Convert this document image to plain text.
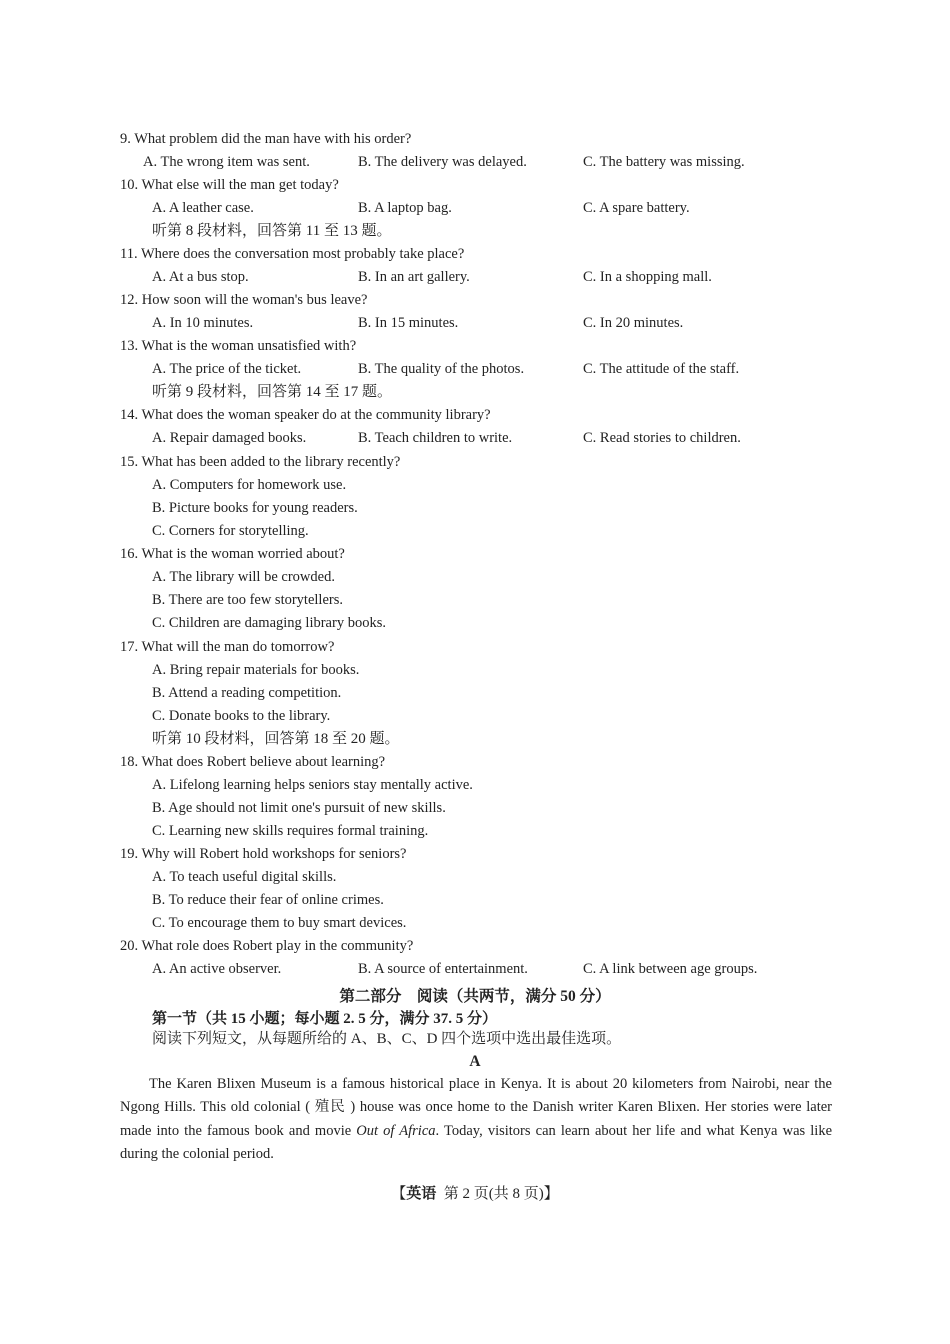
9. What problem did the man have with his order?
A. The wrong item was sent.	B. The delivery was delayed.	C. The battery was missing.
10. What else will the man get today?
A. A leather case.	B. A laptop bag.	C. A spare battery.
听第 8 段材料，回答第 11 至 13 题。
11. Where does the conversation most probably take place?
A. At a bus stop.	B. In an art gallery.	C. In a shopping mall.
12. How soon will the woman's bus leave?
A. In 10 minutes.	B. In 15 minutes.	C. In 20 minutes.
13. What is the woman unsatisfied with?
A. The price of the ticket.	B. The quality of the photos.	C. The attitude of the staff.
听第 9 段材料，回答第 14 至 17 题。
14. What does the woman speaker do at the community library?
A. Repair damaged books.	B. Teach children to write.	C. Read stories to children.
15. What has been added to the library recently?
A. Computers for homework use.
B. Picture books for young readers.
C. Corners for storytelling.
16. What is the woman worried about?
A. The library will be crowded.
B. There are too few storytellers.
C. Children are damaging library books.
17. What will the man do tomorrow?
A. Bring repair materials for books.
B. Attend a reading competition.
C. Donate books to the library.
听第 10 段材料，回答第 18 至 20 题。
18. What does Robert believe about learning?
A. Lifelong learning helps seniors stay mentally active.
B. Age should not limit one's pursuit of new skills.
C. Learning new skills requires formal training.
19. Why will Robert hold workshops for seniors?
A. To teach useful digital skills.
B. To reduce their fear of online crimes.
C. To encourage them to buy smart devices.
20. What role does Robert play in the community?
A. An active observer.	B. A source of entertainment.	C. A link between age groups.
第二部分　阅读（共两节，满分 50 分）
第一节（共 15 小题；每小题 2. 5 分，满分 37. 5 分）
阅读下列短文，从每题所给的 A、B、C、D 四个选项中选出最佳选项。
A
The Karen Blixen Museum is a famous historical place in Kenya. It is about 20 kilometers from Nairobi, near the Ngong Hills. This old colonial ( 殖民 ) house was once home to the Danish writer Karen Blixen. Her stories were later made into the famous book and movie Out of Africa. Today, visitors can learn about her life and what Kenya was like during the colonial period.
【英语 第 2 页(共 8 页)】
